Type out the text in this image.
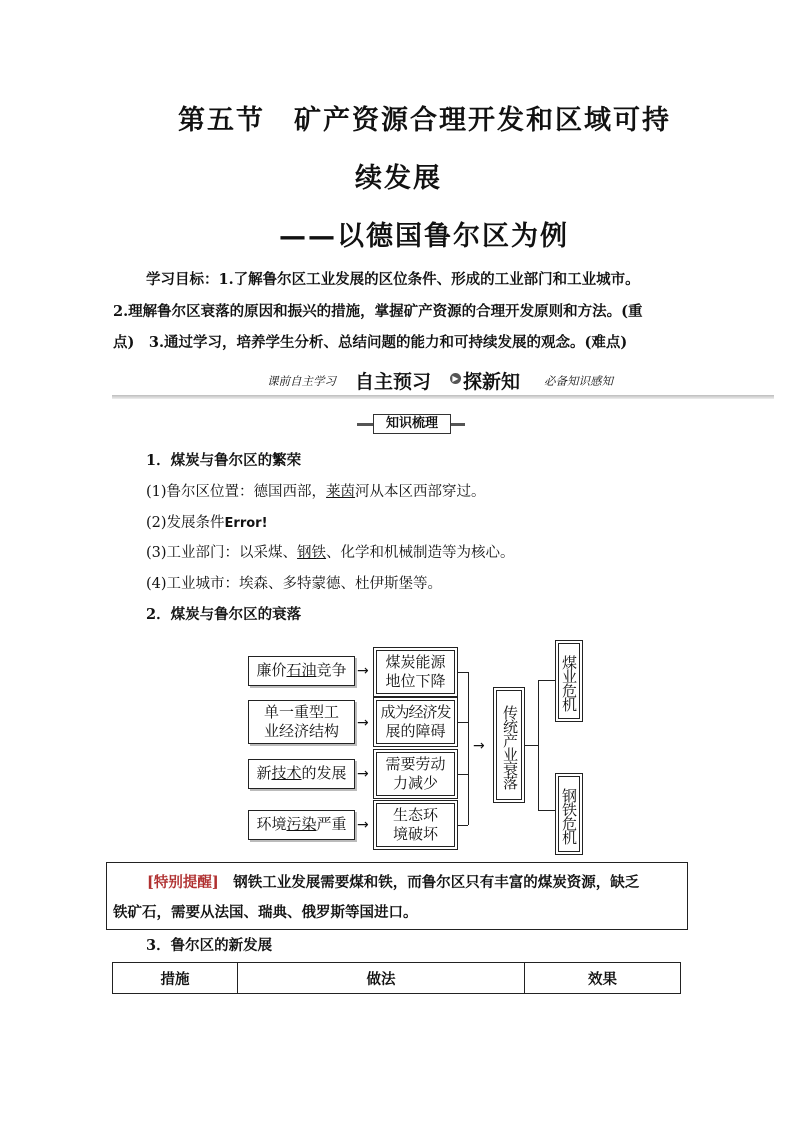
第五节　矿产资源合理开发和区域可持
续发展
——以德国鲁尔区为例
学习目标：1.了解鲁尔区工业发展的区位条件、形成的工业部门和工业城市。
2.理解鲁尔区衰落的原因和振兴的措施，掌握矿产资源的合理开发原则和方法。(重
点)　3.通过学习，培养学生分析、总结问题的能力和可持续发展的观念。(难点)
课前自主学习 自主预习	▶ 探新知 必备知识感知
知识梳理
1．煤炭与鲁尔区的繁荣
(1)鲁尔区位置：德国西部，莱茵河从本区西部穿过。
(2)发展条件Error!
(3)工业部门：以采煤、钢铁、化学和机械制造等为核心。
(4)工业城市：埃森、多特蒙德、杜伊斯堡等。
2．煤炭与鲁尔区的衰落
廉价石油竞争
单一重型工
业经济结构
新技术的发展
环境污染严重
→
→
→
→
煤炭能源
地位下降
成为经济发
展的障碍
需要劳动
力减少
生态环
境破坏
→	传统产业衰落
煤业危机
钢铁危机
[特别提醒]　钢铁工业发展需要煤和铁，而鲁尔区只有丰富的煤炭资源，缺乏
铁矿石，需要从法国、瑞典、俄罗斯等国进口。
3．鲁尔区的新发展
措施	做法	效果
